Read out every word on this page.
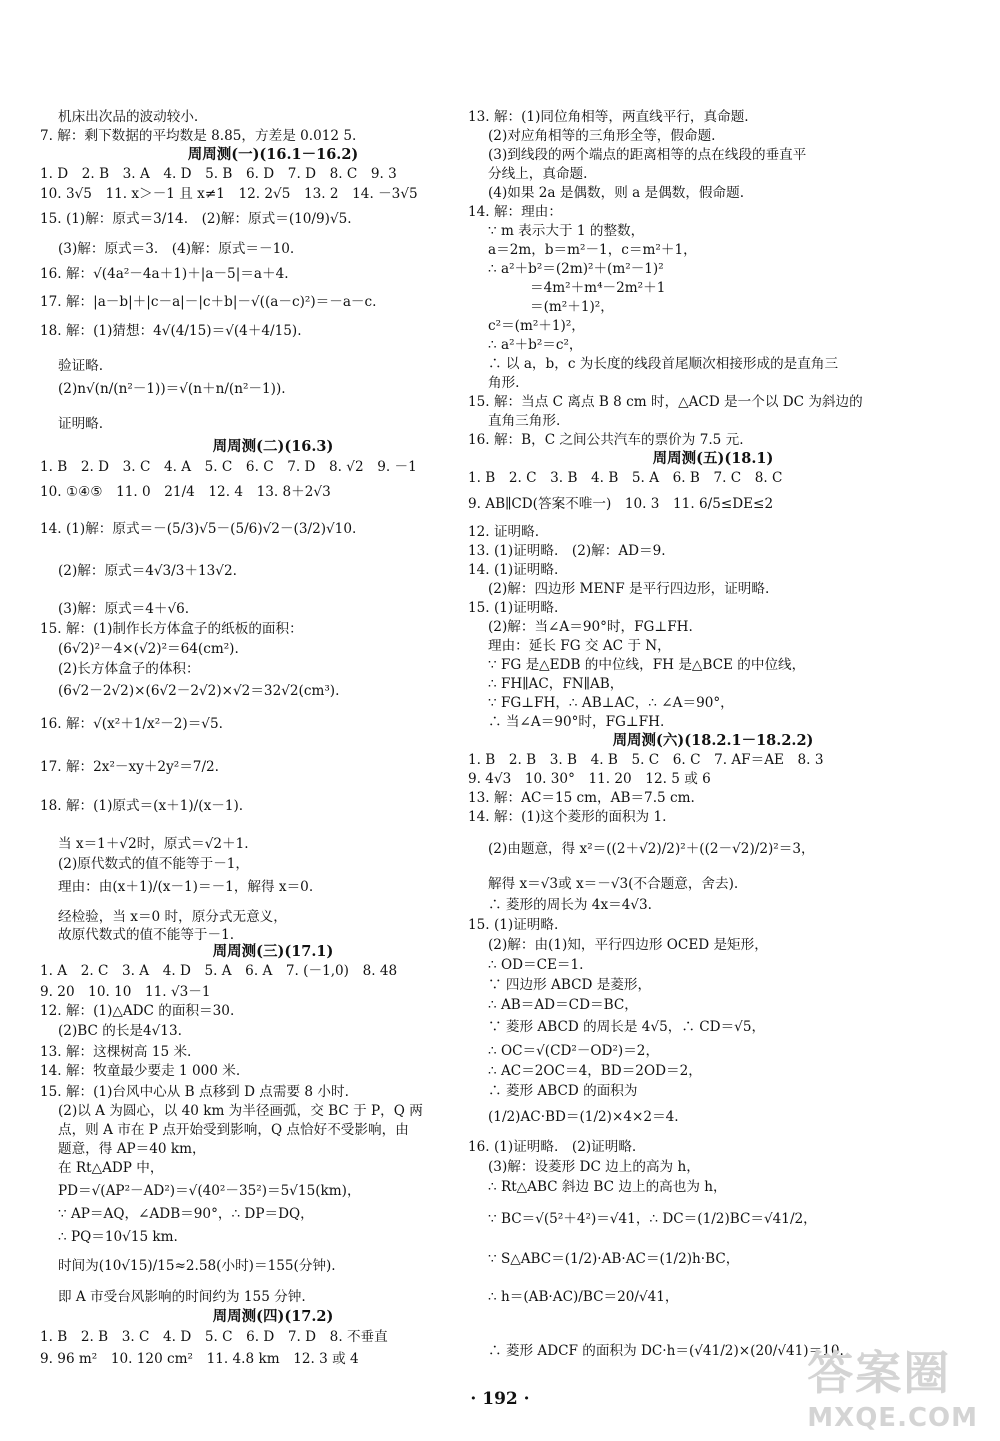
机床出次品的波动较小.
7. 解：剩下数据的平均数是 8.85，方差是 0.012 5.
周周测(一)(16.1－16.2)
1. D　2. B　3. A　4. D　5. B　6. D　7. D　8. C　9. 3
10. 3√5　11. x＞－1 且 x≠1　12. 2√5　13. 2　14. －3√5
15. (1)解：原式＝3/14.　(2)解：原式＝(10/9)√5.
(3)解：原式＝3.　(4)解：原式＝－10.
16. 解：√(4a²－4a＋1)＋|a－5|＝a＋4.
17. 解：|a－b|＋|c－a|－|c＋b|－√((a－c)²)＝－a－c.
18. 解：(1)猜想：4√(4/15)＝√(4＋4/15).
验证略.
(2)n√(n/(n²－1))＝√(n＋n/(n²－1)).
证明略.
周周测(二)(16.3)
1. B　2. D　3. C　4. A　5. C　6. C　7. D　8. √2　9. －1
10. ①④⑤　11. 0　21/4　12. 4　13. 8＋2√3
14. (1)解：原式＝－(5/3)√5－(5/6)√2－(3/2)√10.
(2)解：原式＝4√3/3＋13√2.
(3)解：原式＝4＋√6.
15. 解：(1)制作长方体盒子的纸板的面积：
(6√2)²－4×(√2)²＝64(cm²).
(2)长方体盒子的体积：
(6√2－2√2)×(6√2－2√2)×√2＝32√2(cm³).
16. 解：√(x²＋1/x²－2)＝√5.
17. 解：2x²－xy＋2y²＝7/2.
18. 解：(1)原式＝(x＋1)/(x－1).
当 x＝1＋√2时，原式＝√2＋1.
(2)原代数式的值不能等于－1，
理由：由(x＋1)/(x－1)＝－1，解得 x＝0.
经检验，当 x＝0 时，原分式无意义，
故原代数式的值不能等于－1.
周周测(三)(17.1)
1. A　2. C　3. A　4. D　5. A　6. A　7. (－1,0)　8. 48
9. 20　10. 10　11. √3－1
12. 解：(1)△ADC 的面积＝30.
(2)BC 的长是4√13.
13. 解：这棵树高 15 米.
14. 解：牧童最少要走 1 000 米.
15. 解：(1)台风中心从 B 点移到 D 点需要 8 小时.
(2)以 A 为圆心，以 40 km 为半径画弧，交 BC 于 P，Q 两
点，则 A 市在 P 点开始受到影响，Q 点恰好不受影响，由
题意，得 AP＝40 km，
在 Rt△ADP 中，
PD＝√(AP²－AD²)＝√(40²－35²)＝5√15(km)，
∵ AP＝AQ，∠ADB＝90°，∴ DP＝DQ，
∴ PQ＝10√15 km.
时间为(10√15)/15≈2.58(小时)＝155(分钟).
即 A 市受台风影响的时间约为 155 分钟.
周周测(四)(17.2)
1. B　2. B　3. C　4. D　5. C　6. D　7. D　8. 不垂直
9. 96 m²　10. 120 cm²　11. 4.8 km　12. 3 或 4
13. 解：(1)同位角相等，两直线平行，真命题.
(2)对应角相等的三角形全等，假命题.
(3)到线段的两个端点的距离相等的点在线段的垂直平
分线上，真命题.
(4)如果 2a 是偶数，则 a 是偶数，假命题.
14. 解：理由：
∵ m 表示大于 1 的整数，
a＝2m，b＝m²－1，c＝m²＋1，
∴ a²＋b²＝(2m)²＋(m²－1)²
＝4m²＋m⁴－2m²＋1
＝(m²＋1)²，
c²＝(m²＋1)²，
∴ a²＋b²＝c²，
∴ 以 a，b，c 为长度的线段首尾顺次相接形成的是直角三
角形.
15. 解：当点 C 离点 B 8 cm 时，△ACD 是一个以 DC 为斜边的
直角三角形.
16. 解：B，C 之间公共汽车的票价为 7.5 元.
周周测(五)(18.1)
1. B　2. C　3. B　4. B　5. A　6. B　7. C　8. C
9. AB∥CD(答案不唯一)　10. 3　11. 6/5≤DE≤2
12. 证明略.
13. (1)证明略.　(2)解：AD＝9.
14. (1)证明略.
(2)解：四边形 MENF 是平行四边形，证明略.
15. (1)证明略.
(2)解：当∠A＝90°时，FG⊥FH.
理由：延长 FG 交 AC 于 N，
∵ FG 是△EDB 的中位线，FH 是△BCE 的中位线，
∴ FH∥AC，FN∥AB，
∵ FG⊥FH，∴ AB⊥AC，∴ ∠A＝90°，
∴ 当∠A＝90°时，FG⊥FH.
周周测(六)(18.2.1－18.2.2)
1. B　2. B　3. B　4. B　5. C　6. C　7. AF＝AE　8. 3
9. 4√3　10. 30°　11. 20　12. 5 或 6
13. 解：AC＝15 cm，AB＝7.5 cm.
14. 解：(1)这个菱形的面积为 1.
(2)由题意，得 x²＝((2＋√2)/2)²＋((2－√2)/2)²＝3，
解得 x＝√3或 x＝－√3(不合题意，舍去).
∴ 菱形的周长为 4x＝4√3.
15. (1)证明略.
(2)解：由(1)知，平行四边形 OCED 是矩形，
∴ OD＝CE＝1.
∵ 四边形 ABCD 是菱形，
∴ AB＝AD＝CD＝BC，
∵ 菱形 ABCD 的周长是 4√5，∴ CD＝√5，
∴ OC＝√(CD²－OD²)＝2，
∴ AC＝2OC＝4，BD＝2OD＝2，
∴ 菱形 ABCD 的面积为
(1/2)AC·BD＝(1/2)×4×2＝4.
16. (1)证明略.　(2)证明略.
(3)解：设菱形 DC 边上的高为 h，
∴ Rt△ABC 斜边 BC 边上的高也为 h，
∵ BC＝√(5²＋4²)＝√41，∴ DC＝(1/2)BC＝√41/2，
∵ S△ABC＝(1/2)·AB·AC＝(1/2)h·BC，
∴ h＝(AB·AC)/BC＝20/√41，
∴ 菱形 ADCF 的面积为 DC·h＝(√41/2)×(20/√41)＝10.
· 192 ·	答案圈
MXQE.COM
